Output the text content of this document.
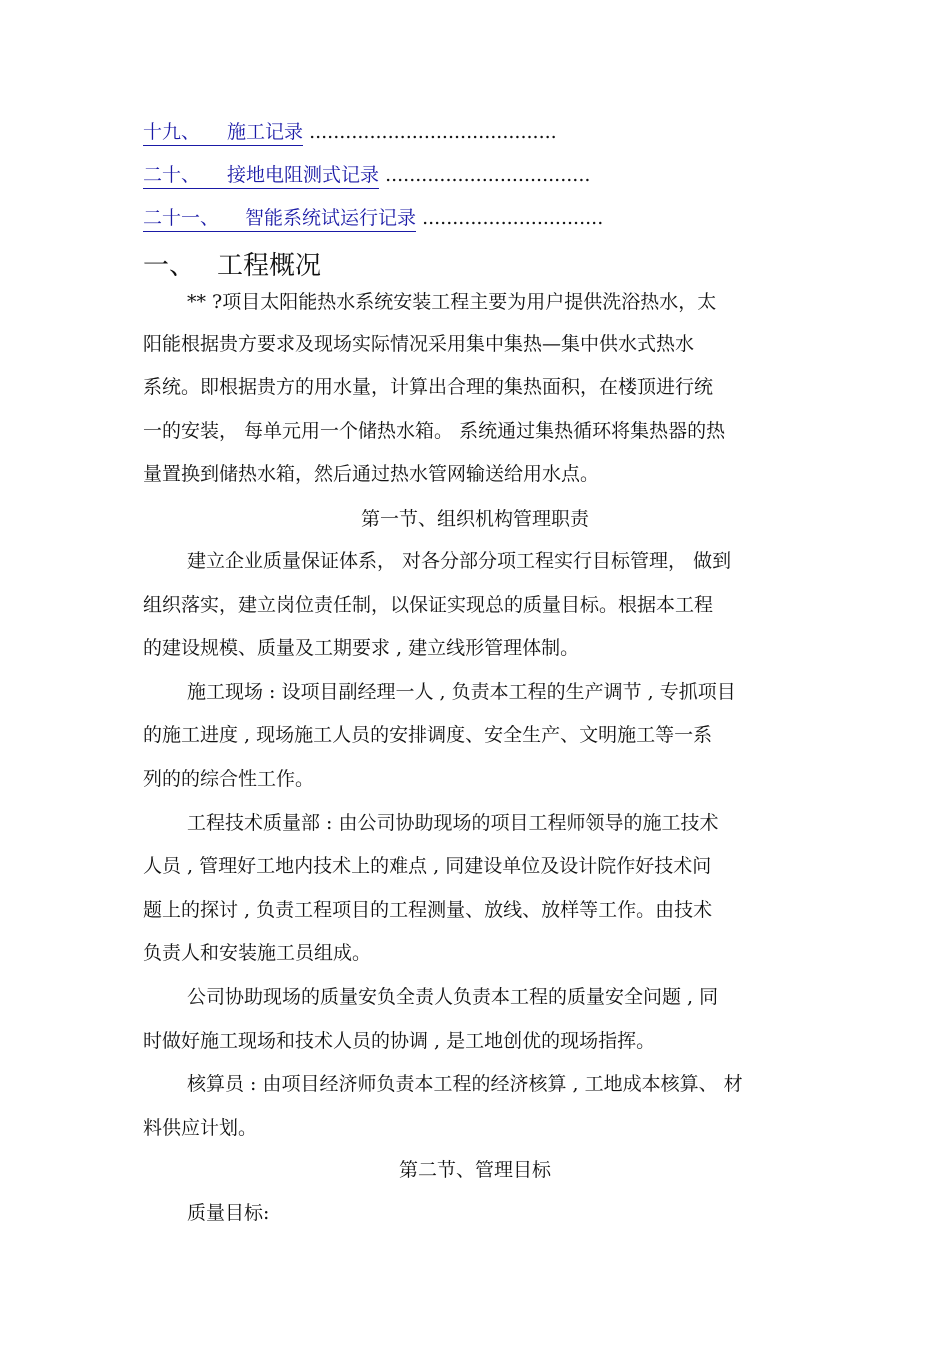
十九、 施工记录 .........................................
二十、 接地电阻测式记录 ..................................
二十一、 智能系统试运行记录 ..............................
一、 工程概况
** ?项目太阳能热水系统安装工程主要为用户提供洗浴热水，太
阳能根据贵方要求及现场实际情况采用集中集热—集中供水式热水
系统。即根据贵方的用水量，计算出合理的集热面积，在楼顶进行统
一的安装， 每单元用一个储热水箱。 系统通过集热循环将集热器的热
量置换到储热水箱，然后通过热水管网输送给用水点。
第一节、组织机构管理职责
建立企业质量保证体系， 对各分部分项工程实行目标管理， 做到
组织落实，建立岗位责任制，以保证实现总的质量目标。根据本工程
的建设规模、质量及工期要求 , 建立线形管理体制。
施工现场 : 设项目副经理一人 , 负责本工程的生产调节 , 专抓项目
的施工进度 , 现场施工人员的安排调度、安全生产、文明施工等一系
列的的综合性工作。
工程技术质量部 : 由公司协助现场的项目工程师领导的施工技术
人员 , 管理好工地内技术上的难点 , 同建设单位及设计院作好技术问
题上的探讨 , 负责工程项目的工程测量、放线、放样等工作。由技术
负责人和安装施工员组成。
公司协助现场的质量安负全责人负责本工程的质量安全问题 , 同
时做好施工现场和技术人员的协调 , 是工地创优的现场指挥。
核算员 : 由项目经济师负责本工程的经济核算 , 工地成本核算、 材
料供应计划。
第二节、管理目标
质量目标:
